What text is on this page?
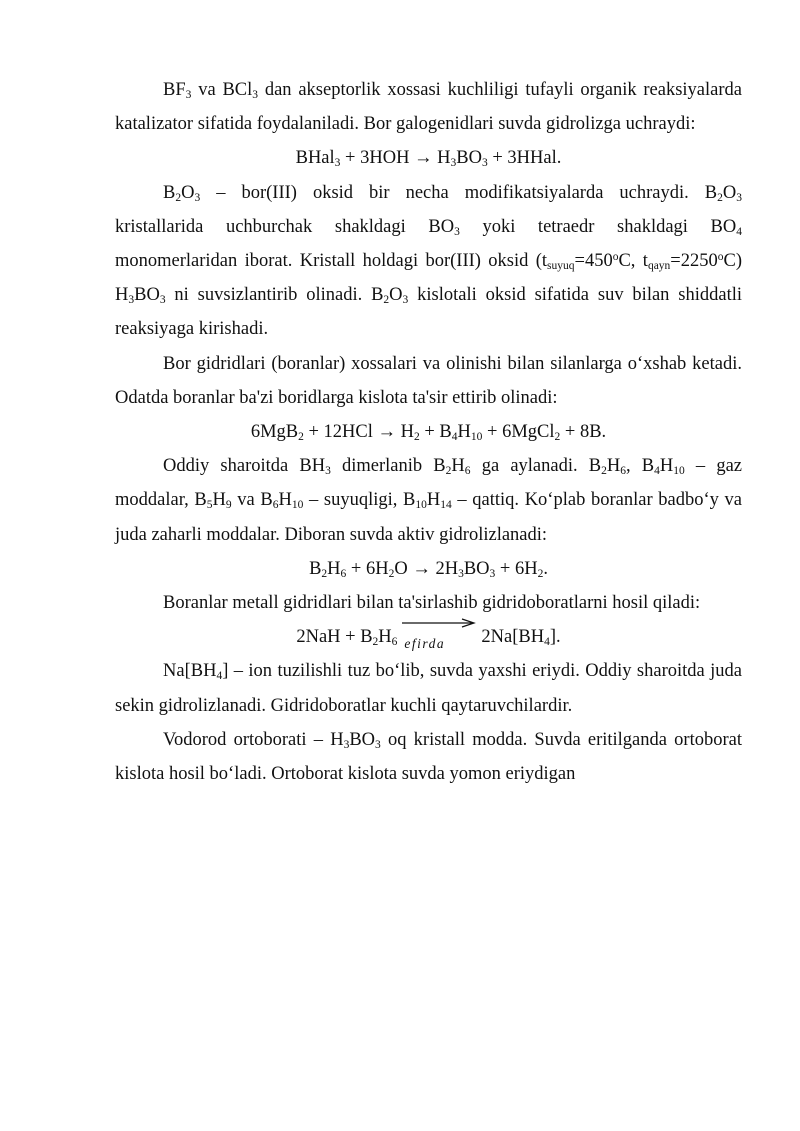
$BF_3$ va BCl$_3$ dan akseptorlik xossasi kuchliligi tufayli organik reaksiyalarda katalizator sifatida foydalaniladi. Bor galogenidlari suvda gidrolizga uchraydi:

BHal$_3$ + $3HOH \to H_3BO_3$ + 3HHal.

$B_2O_3 - bor(III)$ oksid bir necha modifikatsiyalarda uchraydi. $B_2O_3$ kristallarida uchburchak shakldagi $BO_3$ yoki tetraedr shakldagi $BO_4$ monomerlaridan iborat. Kristall holdagi bor(III) oksid ($t_{suyuq}=450^oC$, $t_{qayn}=2250^oC$) $H_3BO_3$ ni suvsizlantirib olinadi. $B_2O_3$ kislotali oksid sifatida suv bilan shiddatli reaksiyaga kirishadi.

Bor gidridlari (boranlar) xossalari va olinishi bilan silanlarga o‘xshab ketadi. Odatda boranlar ba'zi boridlarga kislota ta'sir ettirib olinadi:

$6MgB_2 + 12HCl \to H_2 + B_4H_{10}$ + 6MgCl$_2$ + 8B.

Oddiy sharoitda $BH_3$ dimerlanib $B_2H_6$ ga aylanadi. $B_2H_6$, $B_4H_{10}$ – gaz moddalar, $B_5H_9$ va $B_6H_{10}$ – suyuqligi, $B_{10}H_{14}$ – qattiq. Ko‘plab boranlar badbo‘y va juda zaharli moddalar. Diboran suvda aktiv gidrolizlanadi:

$B_2H_6 + 6H_2O \to 2H_3BO_3 + 6H_2$.

Boranlar metall gidridlari bilan ta'sirlashib gidridoboratlarni hosil qiladi:

$2NaH + B_2H_6$ efirda $2Na[BH_4]$.

$Na[BH_4]$ – ion tuzilishli tuz bo‘lib, suvda yaxshi eriydi. Oddiy sharoitda juda sekin gidrolizlanadi. Gidridoboratlar kuchli qaytaruvchilardir.

Vodorod ortoborati – $H_3BO_3$ oq kristall modda. Suvda eritilganda ortoborat kislota hosil bo‘ladi. Ortoborat kislota suvda yomon eriydigan
